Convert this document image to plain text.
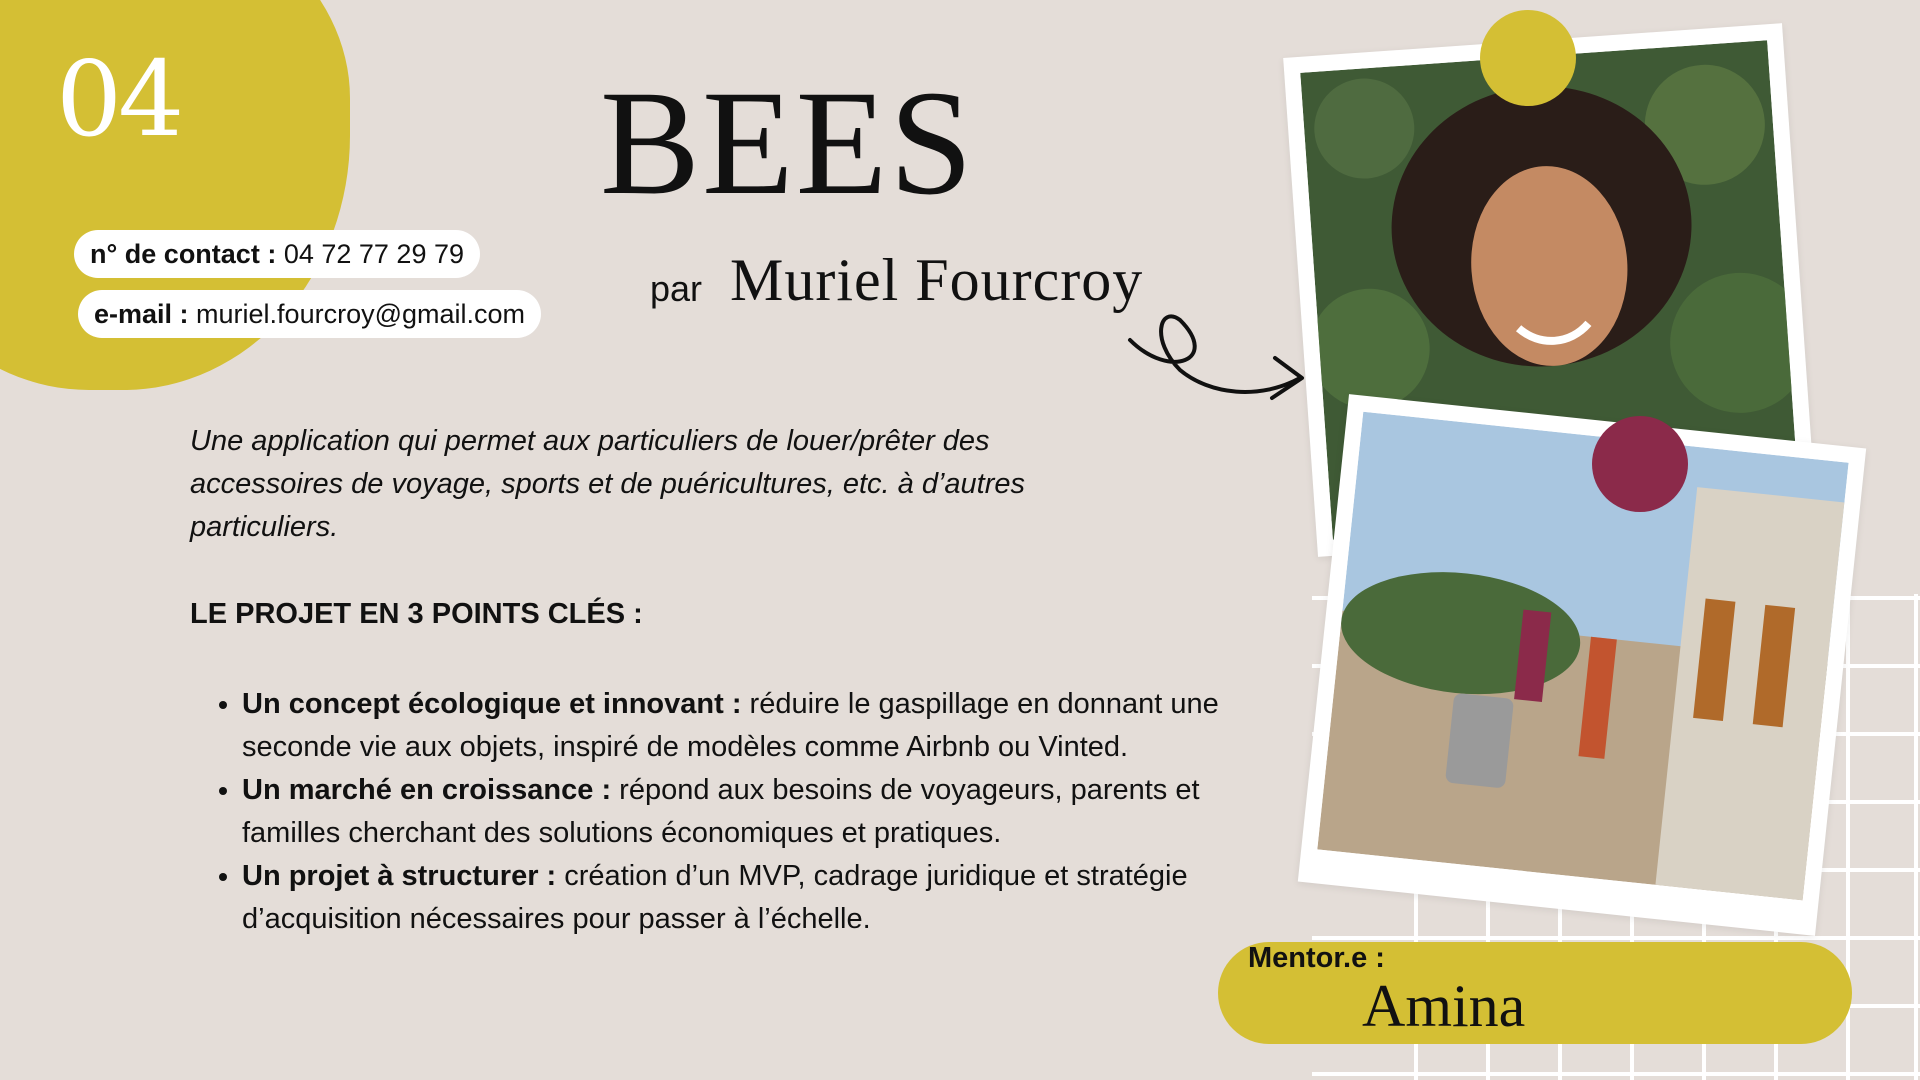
04
n° de contact : 04 72 77 29 79
e-mail : muriel.fourcroy@gmail.com
BEES
par Muriel Fourcroy
Une application qui permet aux particuliers de louer/prêter des accessoires de voyage, sports et de puéricultures, etc. à d’autres particuliers.
LE PROJET EN 3 POINTS CLÉS :
• Un concept écologique et innovant : réduire le gaspillage en donnant une seconde vie aux objets, inspiré de modèles comme Airbnb ou Vinted.
• Un marché en croissance : répond aux besoins de voyageurs, parents et familles cherchant des solutions économiques et pratiques.
• Un projet à structurer : création d’un MVP, cadrage juridique et stratégie d’acquisition nécessaires pour passer à l’échelle.
Mentor.e :
Amina
